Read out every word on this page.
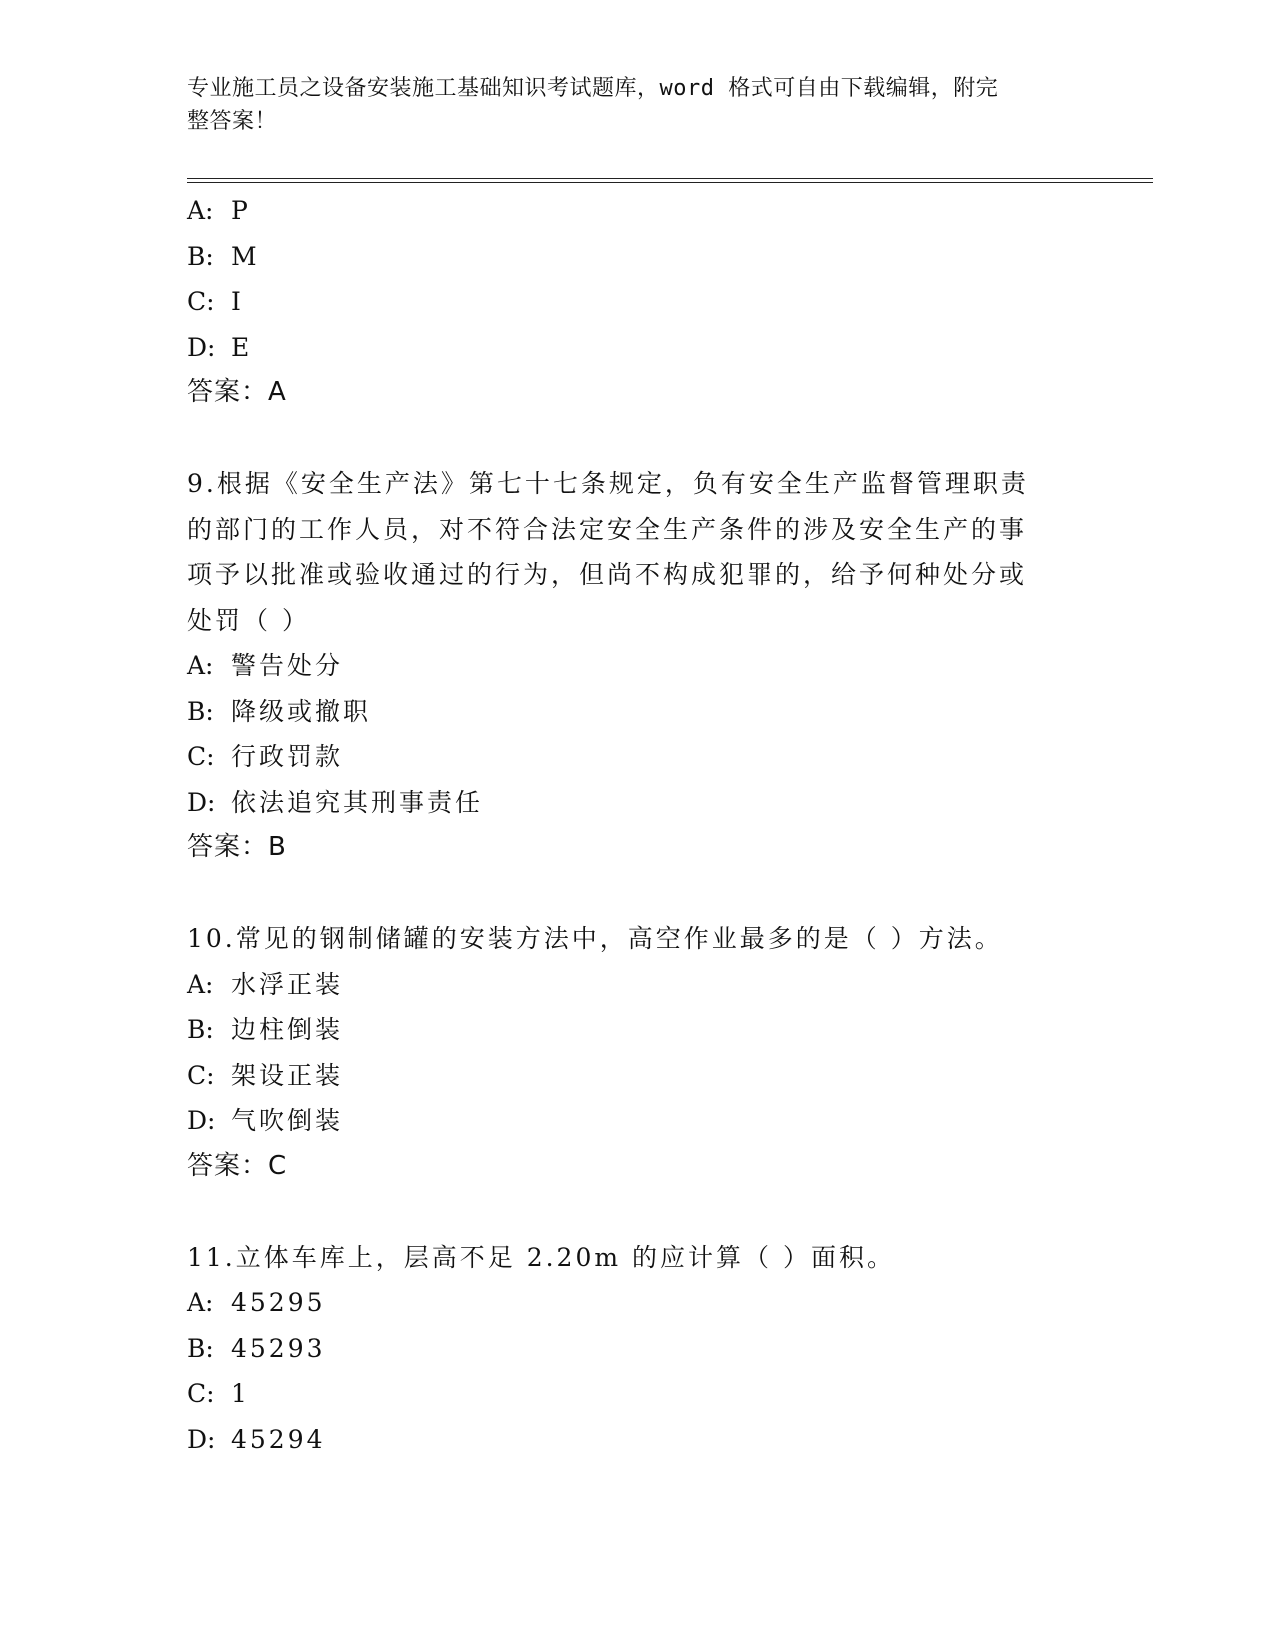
专业施工员之设备安装施工基础知识考试题库，word 格式可自由下载编辑，附完
整答案！
A: P
B: M
C: I
D: E
答案：A
9.根据《安全生产法》第七十七条规定，负有安全生产监督管理职责
的部门的工作人员，对不符合法定安全生产条件的涉及安全生产的事
项予以批准或验收通过的行为，但尚不构成犯罪的，给予何种处分或
处罚（ ）
A: 警告处分
B: 降级或撤职
C: 行政罚款
D: 依法追究其刑事责任
答案：B
10.常见的钢制储罐的安装方法中，高空作业最多的是（ ）方法。
A: 水浮正装
B: 边柱倒装
C: 架设正装
D: 气吹倒装
答案：C
11.立体车库上，层高不足 2.20m 的应计算（ ）面积。
A: 45295
B: 45293
C: 1
D: 45294
